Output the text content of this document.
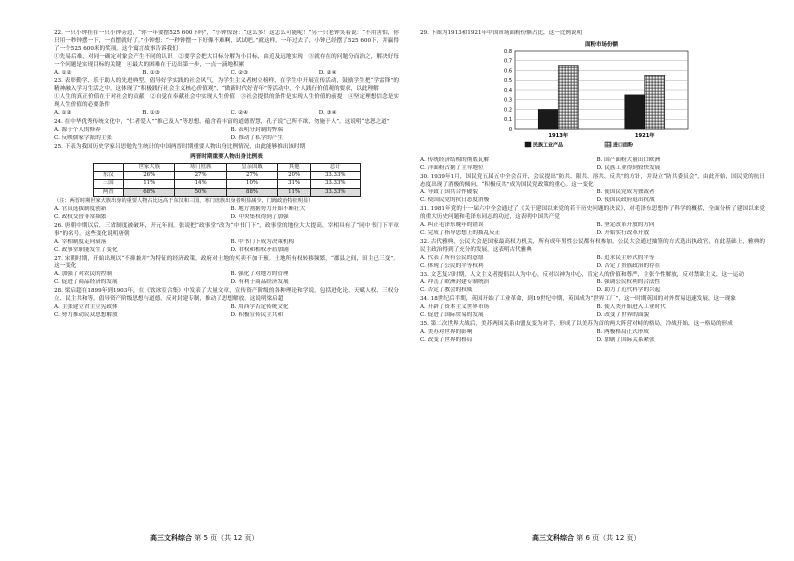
22. 一只小钟挂在一只小钟旁边，“你一年要摆525 600下吗”，“小钟惊讶：“这么多！这怎么可能呢！”另一只老钟笑着说：“不用害怕，你只用一秒钟摆一下，一直摆就好了。”小钟想：“一秒钟摆一下好像不难啊，试试吧。”就这样，一年过去了，小钟已经摆了525 600下，并赢得了一个525 600米的奖项。这个寓言故事告诉我们

①先易后难，对同一确定对象会产生不同的认识　②要学会把大目标分解为小目标，由近及远地实现　③就存在的问题分而治之，解决好每一个问题是实现目标的关键　④最大的困难在于迈出第一步，一点一滴地积累

A. ①②	B. ①③	C. ②③	D. ②④

23. 表彰勤学、乐于助人的先进典型，倡导好学实践的社会风气，为学生主义者树立榜样，在学生中开展宣传活动，鼓励学生把“学雷锋”的精神融入学习生活之中。这体现了“积极践行社会主义核心价值观”、“做新时代好青年”等活动中，个人践行价值观的要求，以此理解

①人生的真正价值在于对社会的贡献　②自觉在奉献社会中实现人生价值　③社会提供的条件是实现人生价值的前提　④坚定理想信念是实现人生价值的必要条件

A. ①②	B. ①③	C. ②④	D. ③④

24. 在中华优秀传统文化中，“仁者爱人”“推己及人”等思想，蕴含着丰富的道德智慧，孔子说“己所不欲，勿施于人”。这说明“忠恕之道”

A. 源于个人的修养	B. 表明分封制的弊端
C. 反映儒家学派的主张	D. 推动了私学的产生

25. 下表为我国历史学家吕思勉先生统计的中国两晋时期重要人物出身比例情况，由此能够推出该时期

两晋时期重要人物出身比例表
	世家大族	寒门庶族	皇亲国戚	其他	总计
东汉	26%	27%	27%	20%	33.33%
三国	11%	14%	10%	31%	33.33%
两晋	68%	50%	88%	11%	33.33%
（注：两晋时期世家大族出身的重要人物占比远高于东汉和三国，寒门庶族出身者明显减少，门阀政治特征明显）
A. 官员选拔制度创新	B. 地方割据势力开始不断壮大
C. 政权交替非常频繁	D. 中央集权得到了加强

26. 唐朝中期以后，三省制度被破坏，开元年间，张说把“政事堂”改为“中书门下”，政事堂的地位大大提高，宰相具有了“同中书门下平章事”的名号。这些变化说明唐朝

A. 宰相制度走向衰落	B. 中书门下成为决策机构
C. 政事堂职能发生了变化	D. 君权和相权矛盾加剧

27. 宋朝时期，开始出现以“不抑兼并”为特征的经济政策，政府对土地的买卖不加干预。土地所有权转移频繁，“郡县之间，田主已三变”。这一变化

A. 加强了对农民的控制	B. 强化了对地方的管理
C. 促进了商品经济的发展	D. 有利于商品经济发展

28. 梁启超在1899年到1903年，在《饮冰室合集》中发表了大量文章，宣传资产阶级的各种理论和学说，包括进化论、天赋人权、三权分立、民主共和等，倡导资产阶级思想与道德，反对封建专制，推动了思想解放。这说明梁启超

A. 主张建立君主立宪政体	B. 用西学否定传统文化
C. 努力推动民众思想解放	D. 积极宣传民主共和

29. 下图为1913和1921年中国市场面粉份额占比，这一比例说明

面粉市场份额
0
0.1
0.2
0.3
0.4
0.5
0.6
0.7
0.8
1913年	1921年
民族工业产品	进口面粉
A. 传统经济结构的彻底瓦解	B. 国产面粉大量出口欧洲
C. 洋面粉占据了主导地位	D. 民族工业得到较快发展

30. 1939年1月，国民党五届五中全会召开，会议提出“防共、限共、溶共、反共”的方针，并设立“防共委员会”，由此开始，国民党的抗日态度出现了消极的倾向，“积极反共”成为国民党政策的重心。这一变化

A. 导致了国共合作破裂	B. 使国民党成为独裁者
C. 使国民党的抗日态度消极	D. 使国民政府退出抗战

31. 1981年党的十一届六中全会通过了《关于建国以来党的若干历史问题的决议》，对毛泽东思想作了科学的概括，全面分析了建国以来党的重大历史问题和毛泽东同志的功过，这表明中国共产党

A. 纠正毛泽东晚年的错误	B. 坚定改革开放的方向
C. 完成了指导思想上的拨乱反正	D. 开始实行改革开放

32. 古代雅典，公民大会是国家最高权力机关，所有成年男性公民都有权参加，公民大会通过抽签的方式选出执政官，在此基础上，雅典的民主政治得到了充分的发展，这表明古代雅典

A. 代表了所有公民的意愿	B. 追求民主形式的平等
C. 体现了公民的平等权利	D. 否定了贵族政治的存在

33. 文艺复兴时期，人文主义者提倡以人为中心，反对以神为中心，肯定人的价值和尊严，主张个性解放，反对禁欲主义，这一运动

A. 冲击了欧洲封建专制统治	B. 强调公民权利的合法性
C. 否定了教会的权威	D. 助力了近代科学的兴起

34. 18世纪后半期，英国开始了工业革命，到19世纪中期，英国成为“世界工厂”，这一时期英国的对外贸易迅速发展，这一现象

A. 开辟了资本主义世界市场	B. 使人类开始进入工业时代
C. 促进了国际贸易的发展	D. 改变了世界的面貌

35. 第二次世界大战后，美苏两国关系由盟友变为对手，形成了以美苏为首的两大阵营对峙的格局，冷战开始，这一格局的形成

A. 美苏对世界的影响	B. 两极格局正式形成
C. 改变了世界的格局	D. 加剧了国际关系紧张
高三文科综合 第 5 页（共 12 页）	高三文科综合 第 6 页（共 12 页）
